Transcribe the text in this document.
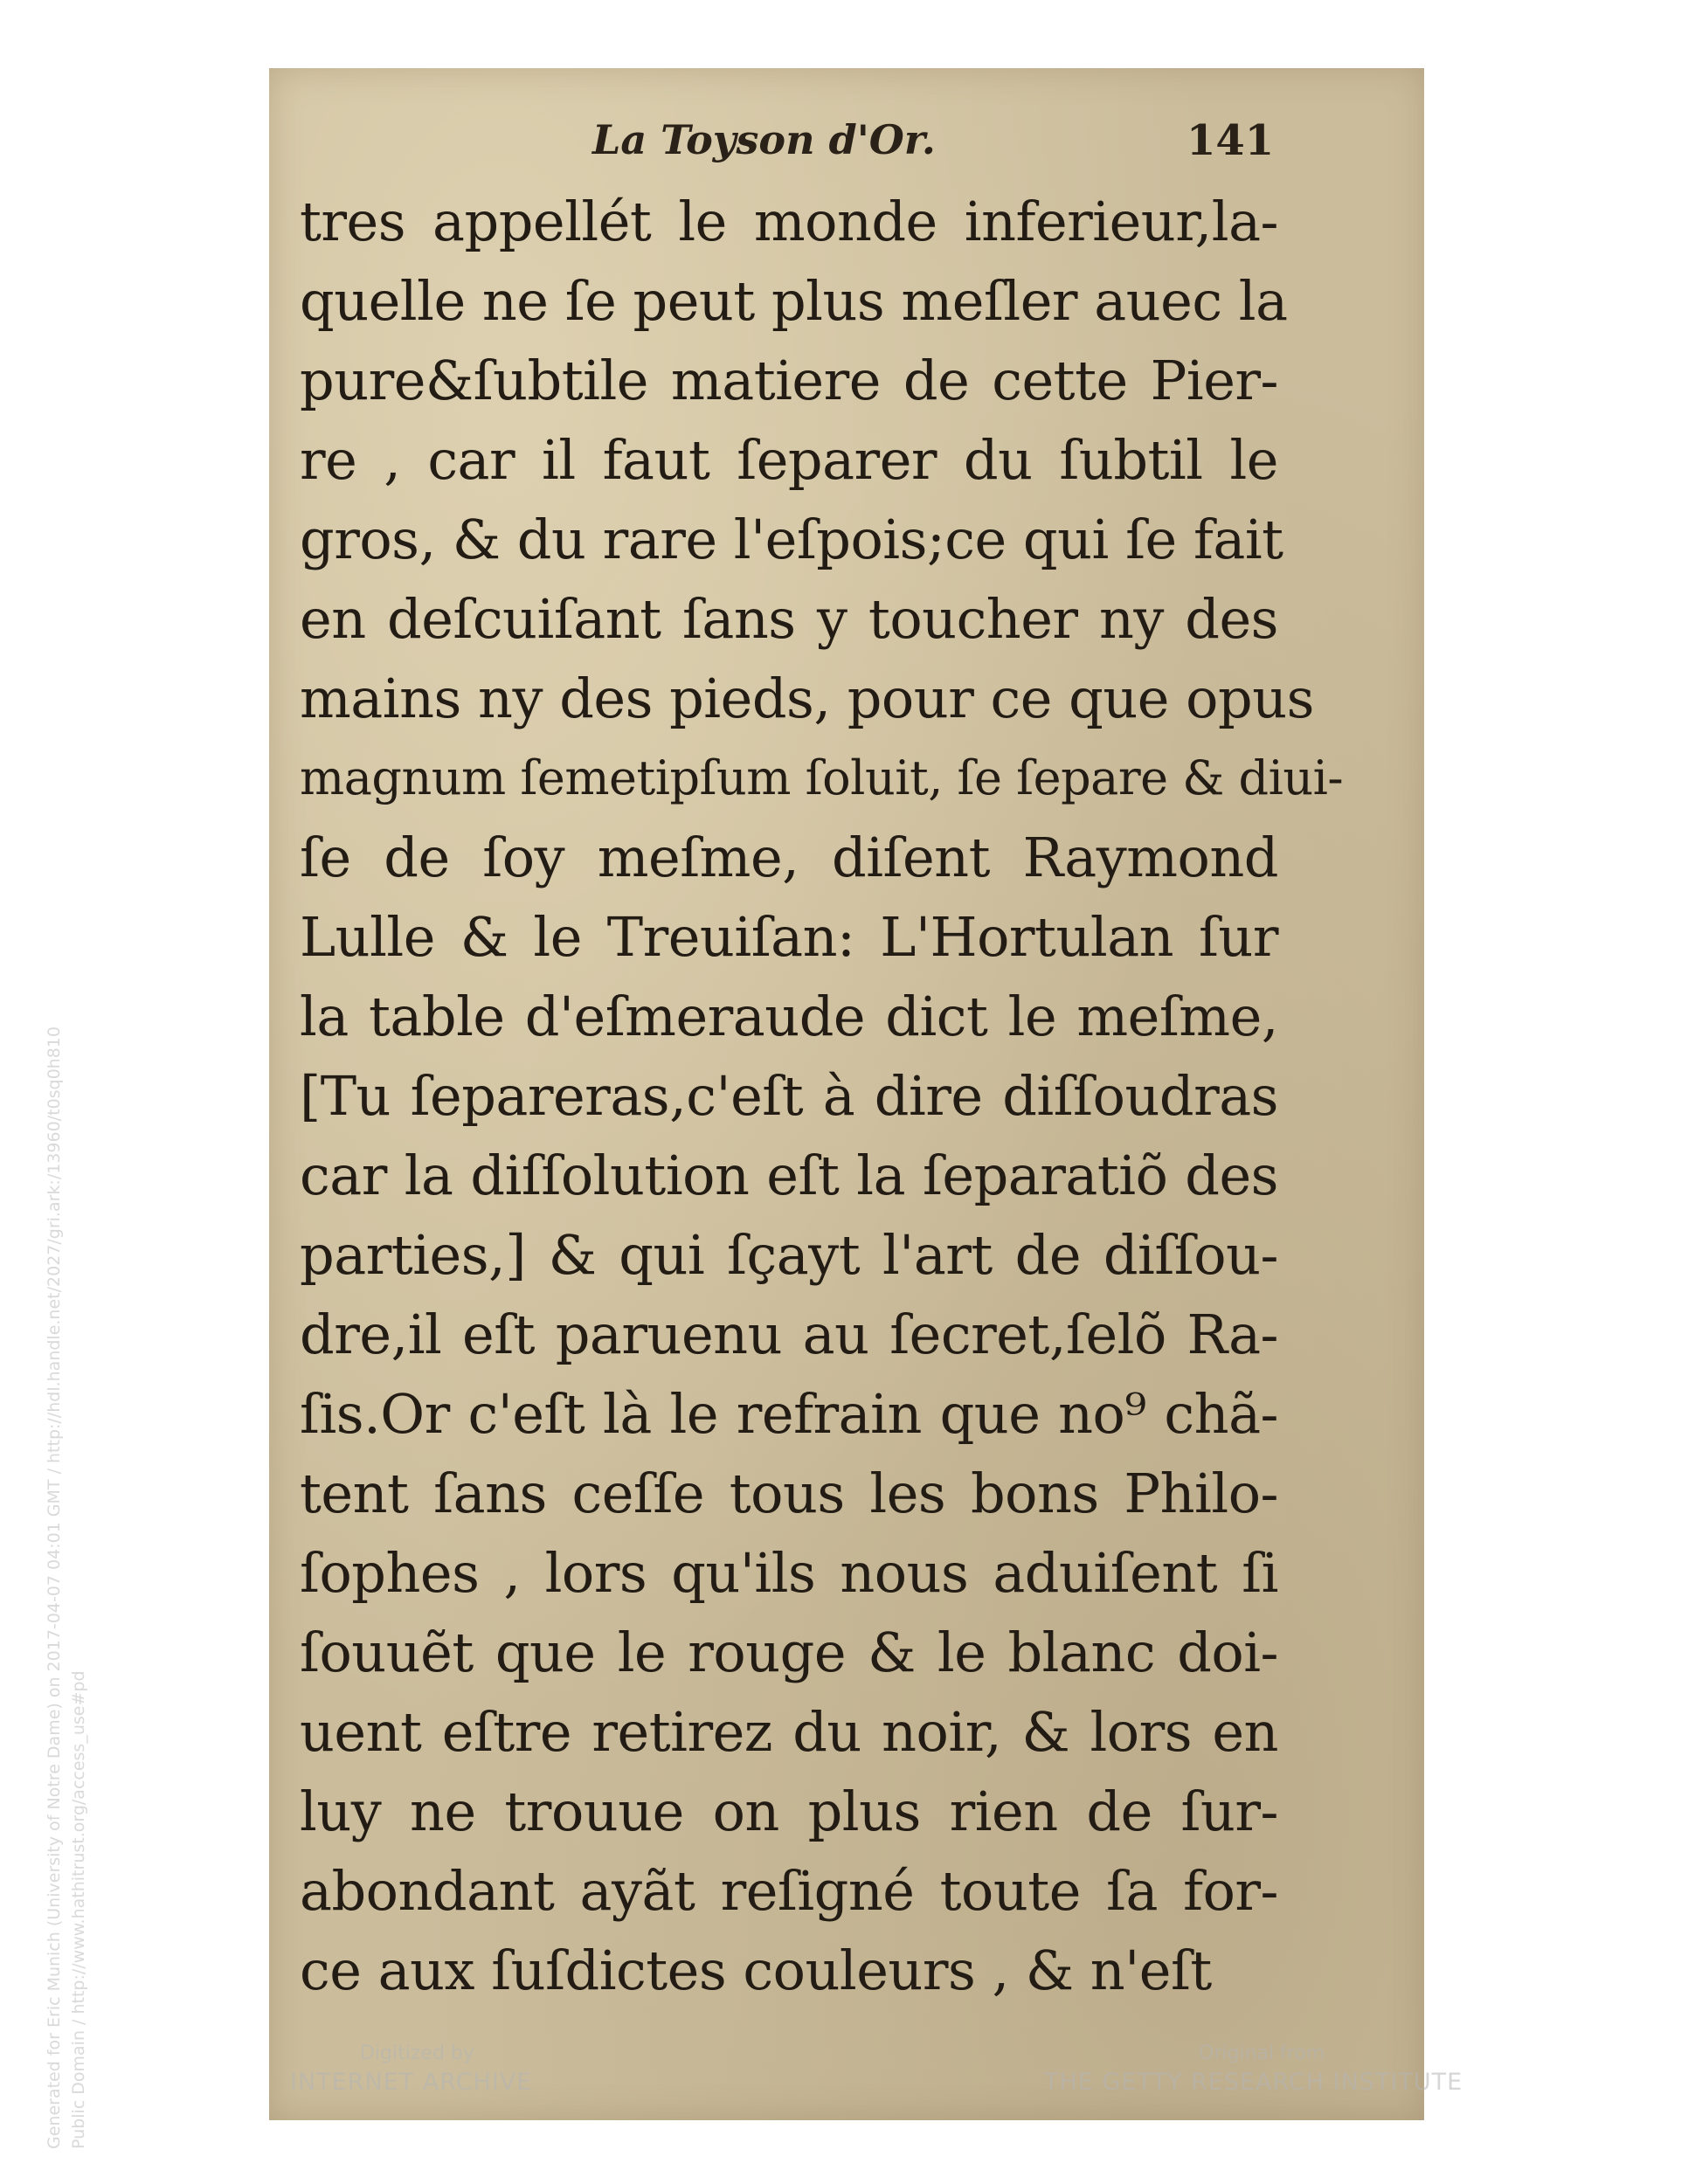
La Toyson d'Or.	141
tres appellét le monde inferieur,la-
quelle ne ſe peut plus meſler auec la
pure&ſubtile matiere de cette Pier-
re , car il faut ſeparer du ſubtil le
gros, & du rare l'eſpois;ce qui ſe fait
en deſcuiſant ſans y toucher ny des
mains ny des pieds, pour ce que opus
magnum ſemetipſum ſoluit, ſe ſepare & diui-
ſe de ſoy meſme, diſent Raymond
Lulle & le Treuiſan: L'Hortulan ſur
la table d'eſmeraude dict le meſme,
[Tu ſepareras,c'eſt à dire diſſoudras
car la diſſolution eſt la ſeparatiõ des
parties,] & qui ſçayt l'art de diſſou-
dre,il eſt paruenu au ſecret,ſelõ Ra-
ſis.Or c'eſt là le refrain que no⁹ chã-
tent ſans ceſſe tous les bons Philo-
ſophes , lors qu'ils nous aduiſent ſi
ſouuẽt que le rouge & le blanc doi-
uent eſtre retirez du noir, & lors en
luy ne trouue on plus rien de ſur-
abondant ayãt reſigné toute ſa for-
ce aux ſuſdictes couleurs , & n'eſt
Digitized by
INTERNET ARCHIVE
Original from
THE GETTY RESEARCH INSTITUTE
Generated for Eric Munich (University of Notre Dame) on 2017-04-07 04:01 GMT / http://hdl.handle.net/2027/gri.ark:/13960/t0sq0h810 Public Domain / http://www.hathitrust.org/access_use#pd
